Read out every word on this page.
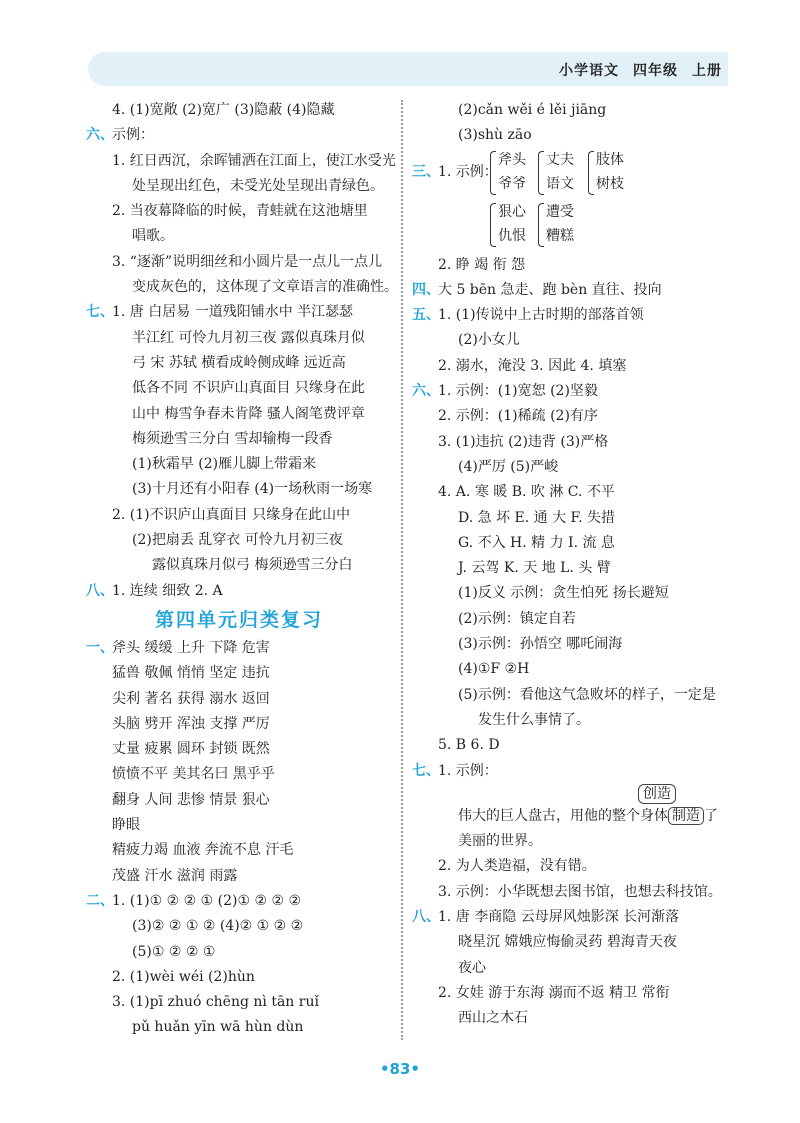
小学语文 四年级 上册
4. (1)宽敞 (2)宽广 (3)隐蔽 (4)隐藏
六、示例：
1. 红日西沉，余晖铺洒在江面上，使江水受光
处呈现出红色，未受光处呈现出青绿色。
2. 当夜幕降临的时候，青蛙就在这池塘里
唱歌。
3. “逐渐”说明细丝和小圆片是一点儿一点儿
变成灰色的，这体现了文章语言的准确性。
七、1. 唐 白居易 一道残阳铺水中 半江瑟瑟
半江红 可怜九月初三夜 露似真珠月似
弓 宋 苏轼 横看成岭侧成峰 远近高
低各不同 不识庐山真面目 只缘身在此
山中 梅雪争春未肯降 骚人阁笔费评章
梅须逊雪三分白 雪却输梅一段香
(1)秋霜早 (2)雁儿脚上带霜来
(3)十月还有小阳春 (4)一场秋雨一场寒
2. (1)不识庐山真面目 只缘身在此山中
(2)把扇丢 乱穿衣 可怜九月初三夜
露似真珠月似弓 梅须逊雪三分白
八、1. 连续 细致 2. A
第四单元归类复习
一、斧头 缓缓 上升 下降 危害
猛兽 敬佩 悄悄 坚定 违抗
尖利 著名 获得 溺水 返回
头脑 劈开 浑浊 支撑 严厉
丈量 疲累 圆环 封锁 既然
愤愤不平 美其名曰 黑乎乎
翻身 人间 悲惨 情景 狠心
睁眼
精疲力竭 血液 奔流不息 汗毛
茂盛 汗水 滋润 雨露
二、1. (1)① ② ② ① (2)① ② ② ②
(3)② ② ① ② (4)② ① ② ②
(5)① ② ② ①
2. (1)wèi wéi (2)hùn
3. (1)pī zhuó chēng nì tān ruǐ
pǔ huǎn yīn wā hùn dùn
(2)cǎn wěi é lěi jiāng
(3)shù zāo
三、
1. 示例：
斧头
爷爷
丈夫
语文
肢体
树枝
狠心
仇恨
遭受
糟糕
2. 睁 竭 衔 怨
四、大 5 bēn 急走、跑 bèn 直往、投向
五、1. (1)传说中上古时期的部落首领
(2)小女儿
2. 溺水，淹没 3. 因此 4. 填塞
六、1. 示例：(1)宽恕 (2)坚毅
2. 示例：(1)稀疏 (2)有序
3. (1)违抗 (2)违背 (3)严格
(4)严厉 (5)严峻
4. A. 寒 暖 B. 吹 淋 C. 不平
D. 急 坏 E. 通 大 F. 失措
G. 不入 H. 精 力 I. 流 息
J. 云驾 K. 天 地 L. 头 臂
(1)反义 示例：贪生怕死 扬长避短
(2)示例：镇定自若
(3)示例：孙悟空 哪吒闹海
(4)①F ②H
(5)示例：看他这气急败坏的样子，一定是
发生什么事情了。
5. B 6. D
七、1. 示例：
创造
伟大的巨人盘古，用他的整个身体 制造 了
美丽的世界。
2. 为人类造福，没有错。
3. 示例：小华既想去图书馆，也想去科技馆。
八、1. 唐 李商隐 云母屏风烛影深 长河渐落
晓星沉 嫦娥应悔偷灵药 碧海青天夜
夜心
2. 女娃 游于东海 溺而不返 精卫 常衔
西山之木石
•83•
